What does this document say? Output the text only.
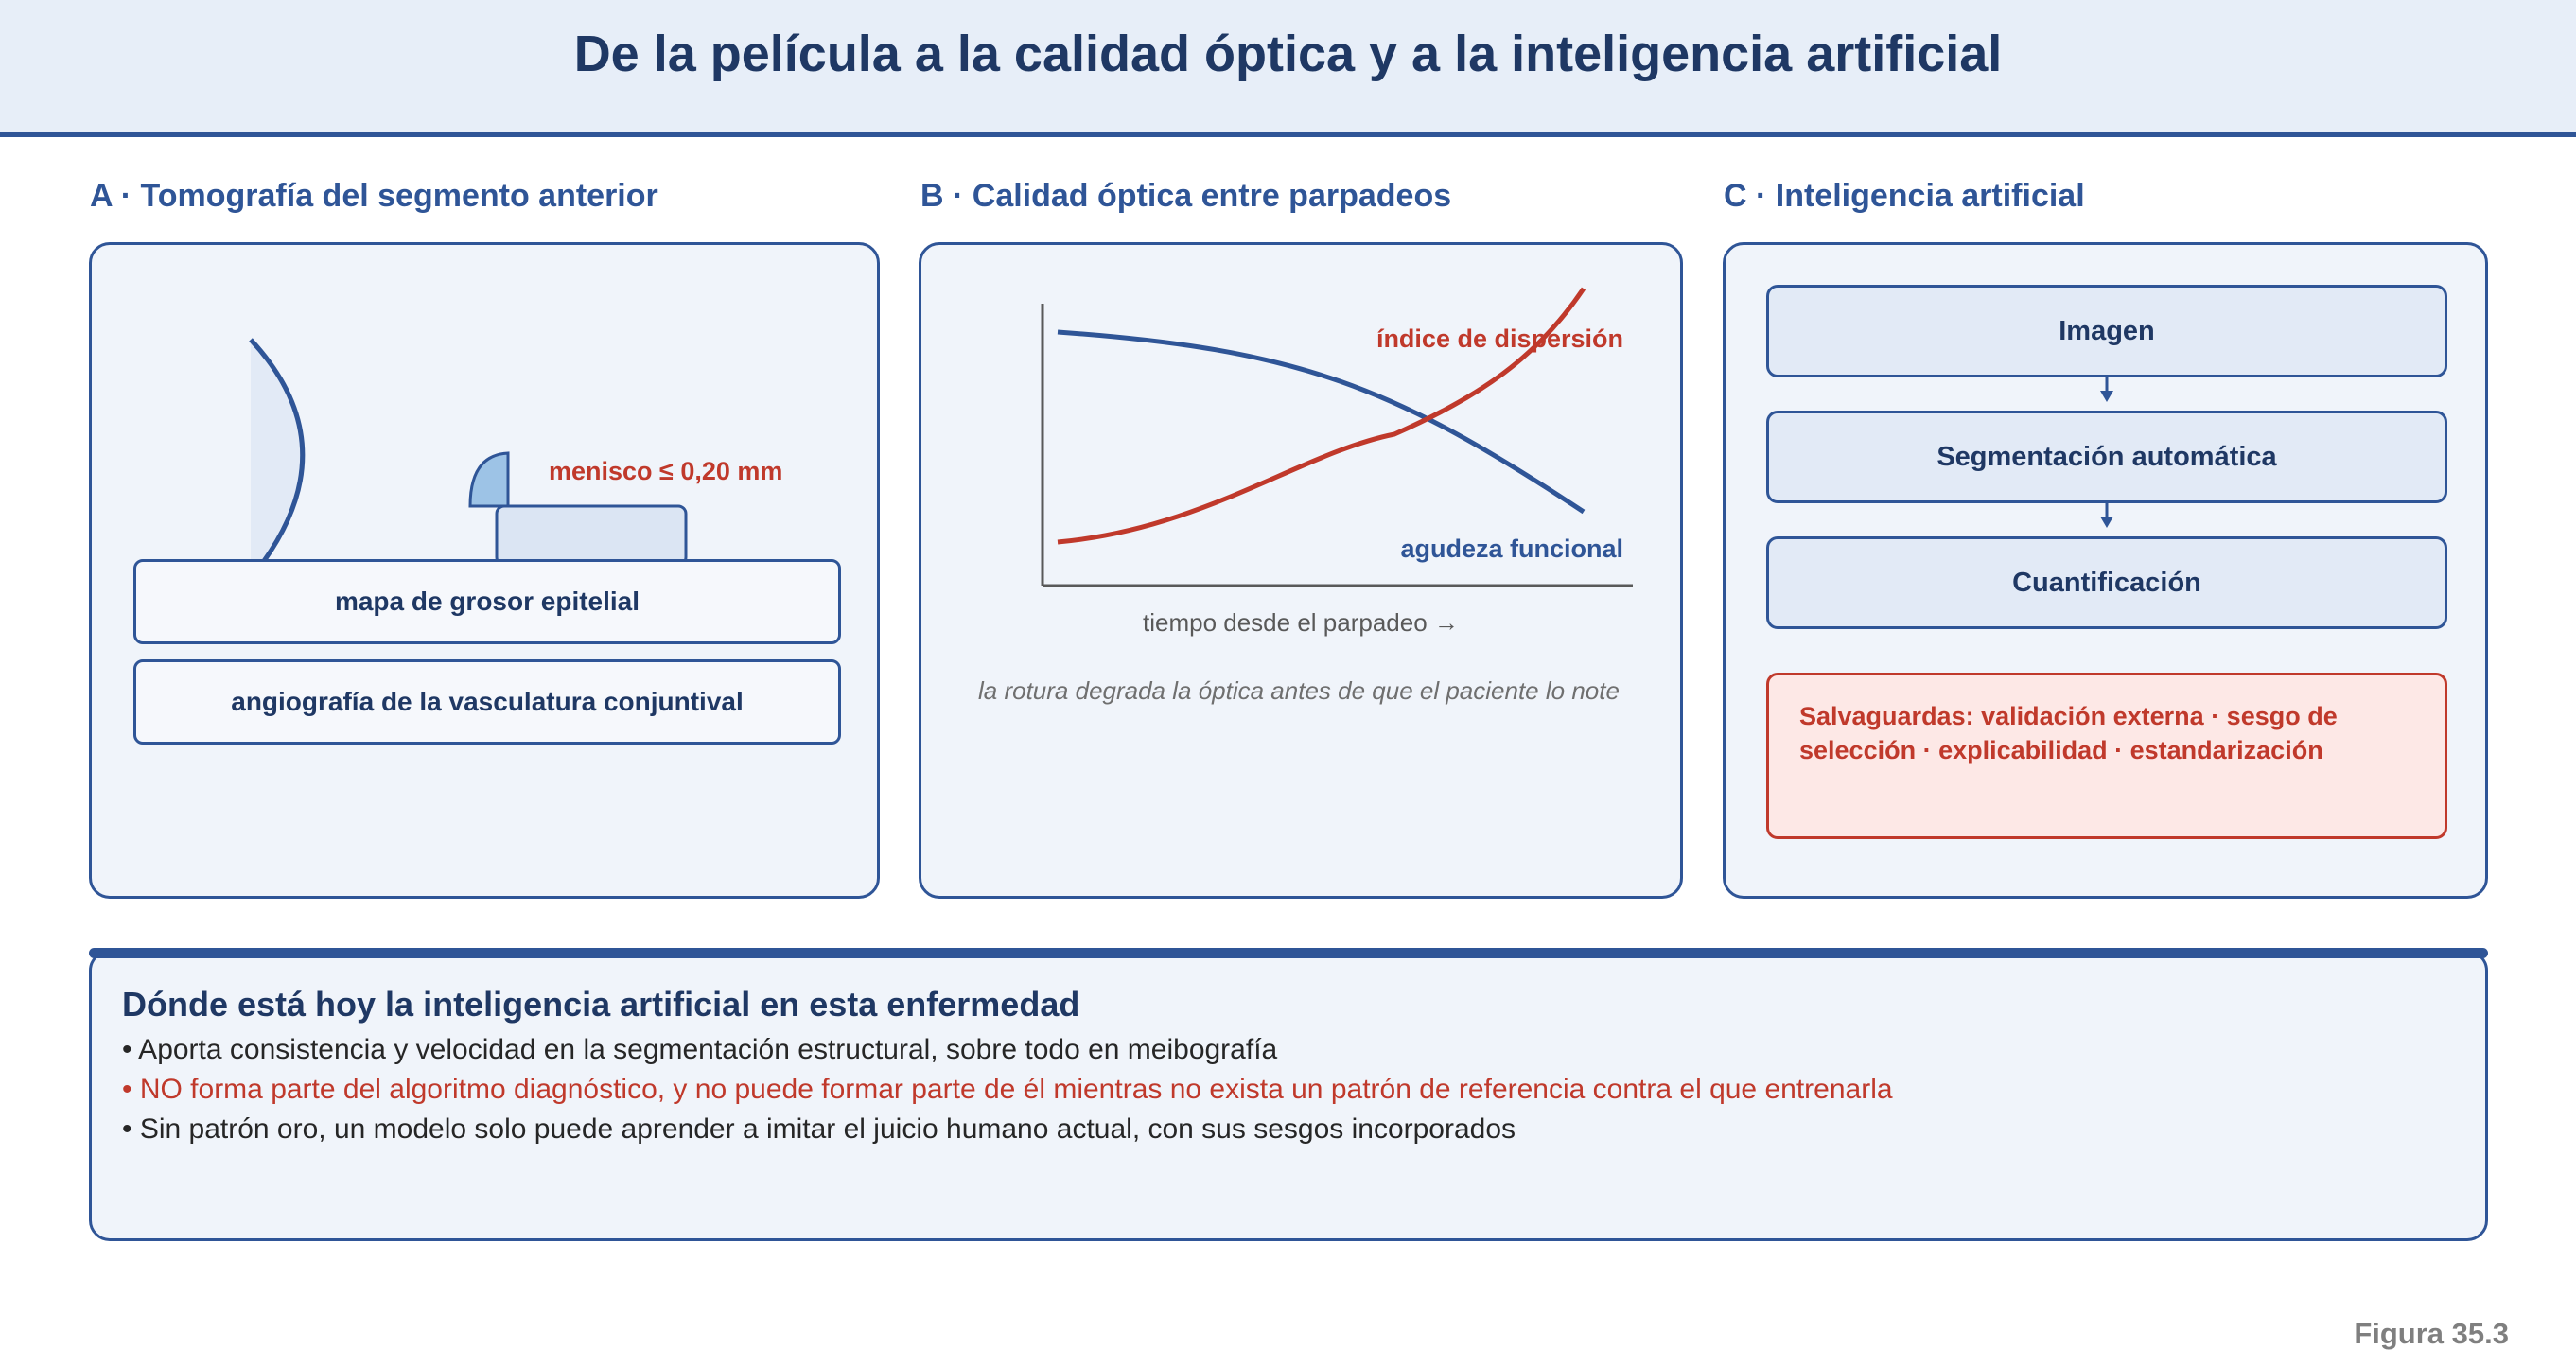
De la película a la calidad óptica y a la inteligencia artificial
A · Tomografía del segmento anterior
menisco ≤ 0,20 mm
mapa de grosor epitelial
angiografía de la vasculatura conjuntival
B · Calidad óptica entre parpadeos
índice de dispersión
agudeza funcional
tiempo desde el parpadeo →
la rotura degrada la óptica antes de que el paciente lo note
C · Inteligencia artificial
Imagen
Segmentación automática
Cuantificación
Salvaguardas: validación externa · sesgo de
selección · explicabilidad · estandarización
Dónde está hoy la inteligencia artificial en esta enfermedad
• Aporta consistencia y velocidad en la segmentación estructural, sobre todo en meibografía
• NO forma parte del algoritmo diagnóstico, y no puede formar parte de él mientras no exista un patrón de referencia contra el que entrenarla
• Sin patrón oro, un modelo solo puede aprender a imitar el juicio humano actual, con sus sesgos incorporados
Figura 35.3
